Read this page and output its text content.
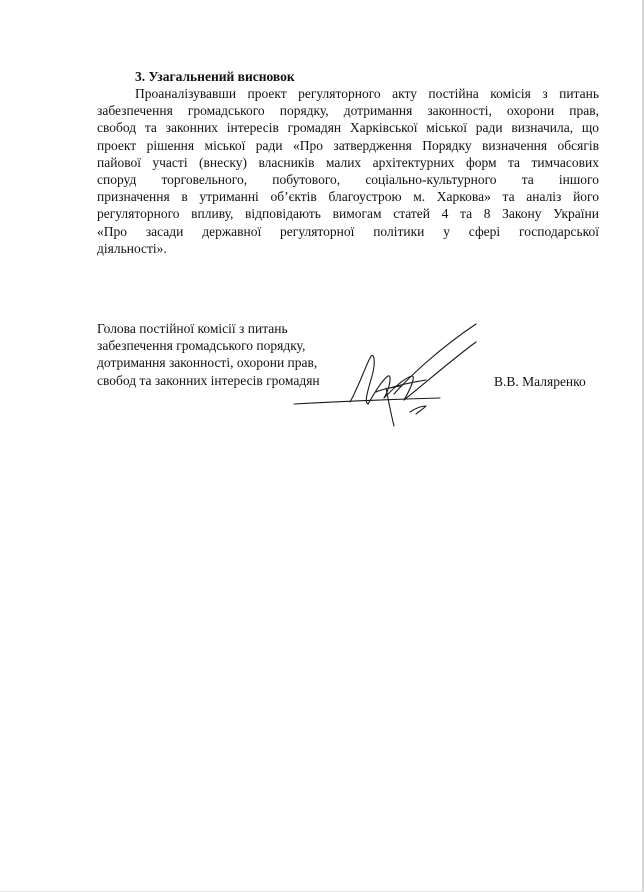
3. Узагальнений висновок
Проаналізувавши проект регуляторного акту постійна комісія з питань
забезпечення громадського порядку, дотримання законності, охорони прав,
свобод та законних інтересів громадян Харківської міської ради визначила, що
проект рішення міської ради «Про затвердження Порядку визначення обсягів
пайової участі (внеску) власників малих архітектурних форм та тимчасових
споруд торговельного, побутового, соціально-культурного та іншого
призначення в утриманні об’єктів благоустрою м. Харкова» та аналіз його
регуляторного впливу, відповідають вимогам статей 4 та 8 Закону України
«Про засади державної регуляторної політики у сфері господарської
діяльності».
Голова постійної комісії з питань
забезпечення громадського порядку,
дотримання законності, охорони прав,
свобод та законних інтересів громадян	В.В. Маляренко
